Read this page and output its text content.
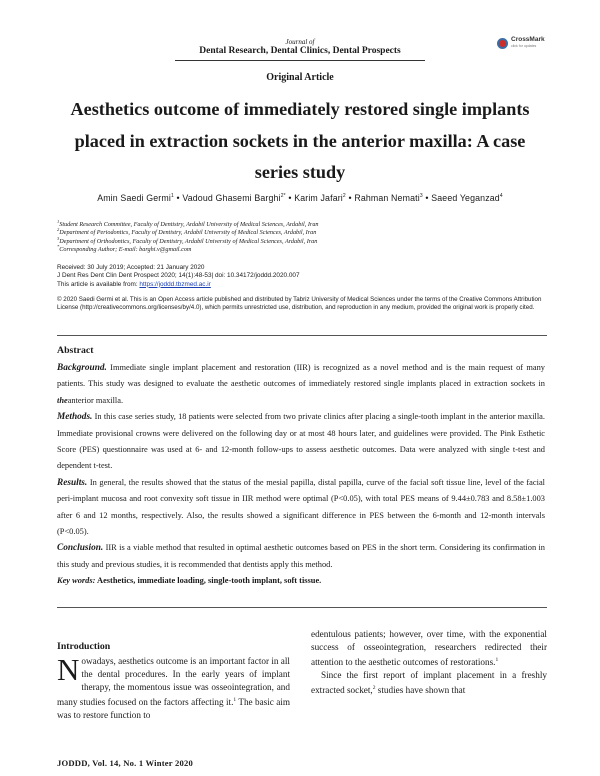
Journal of
Dental Research, Dental Clinics, Dental Prospects
CrossMark
click for updates
Original Article
Aesthetics outcome of immediately restored single implants placed in extraction sockets in the anterior maxilla: A case series study
Amin Saedi Germi$^1$ • Vadoud Ghasemi Barghi$^{2*}$ • Karim Jafari$^2$ • Rahman Nemati$^3$ • Saeed Yeganzad$^4$
$^1$Student Research Committee, Faculty of Dentistry, Ardabil University of Medical Sciences, Ardabil, Iran
$^2$Department of Periodontics, Faculty of Dentistry, Ardabil University of Medical Sciences, Ardabil, Iran
$^3$Department of Orthodontics, Faculty of Dentistry, Ardabil University of Medical Sciences, Ardabil, Iran
*Corresponding Author; E-mail: barghi.v@gmail.com
Received: 30 July 2019; Accepted: 21 January 2020
J Dent Res Dent Clin Dent Prospect 2020; 14(1):48-53| doi: 10.34172/joddd.2020.007
This article is available from: https://joddd.tbzmed.ac.ir
© 2020 Saedi Germi et al. This is an Open Access article published and distributed by Tabriz University of Medical Sciences under the terms of the Creative Commons Attribution License (http://creativecommons.org/licenses/by/4.0), which permits unrestricted use, distribution, and reproduction in any medium, provided the original work is properly cited.
Abstract

Background. Immediate single implant placement and restoration (IIR) is recognized as a novel method and is the main request of many patients. This study was designed to evaluate the aesthetic outcomes of immediately restored single implants placed in extraction sockets in theanterior maxilla.

Methods. In this case series study, 18 patients were selected from two private clinics after placing a single-tooth implant in the anterior maxilla. Immediate provisional crowns were delivered on the following day or at most 48 hours later, and guidelines were provided. The Pink Esthetic Score (PES) questionnaire was used at 6- and 12-month follow-ups to assess aesthetic outcomes. Data were analyzed with single t-test and dependent t-test.

Results. In general, the results showed that the status of the mesial papilla, distal papilla, curve of the facial soft tissue line, level of the facial peri-implant mucosa and root convexity soft tissue in IIR method were optimal (P<0.05), with total PES means of 9.44±0.783 and 8.58±1.003 after 6 and 12 months, respectively. Also, the results showed a significant difference in PES between the 6-month and 12-month intervals (P<0.05).

Conclusion. IIR is a viable method that resulted in optimal aesthetic outcomes based on PES in the short term. Considering its confirmation in this study and previous studies, it is recommended that dentists apply this method.

Key words: Aesthetics, immediate loading, single-tooth implant, soft tissue.

Introduction
Nowadays, aesthetics outcome is an important factor in all the dental procedures. In the early years of implant therapy, the momentous issue was osseointegration, and many studies focused on the factors affecting it.$^1$ The basic aim was to restore function to

edentulous patients; however, over time, with the exponential success of osseointegration, researchers redirected their attention to the aesthetic outcomes of restorations.$^1$

Since the first report of implant placement in a freshly extracted socket,$^2$ studies have shown that

JODDD, Vol. 14, No. 1 Winter 2020
